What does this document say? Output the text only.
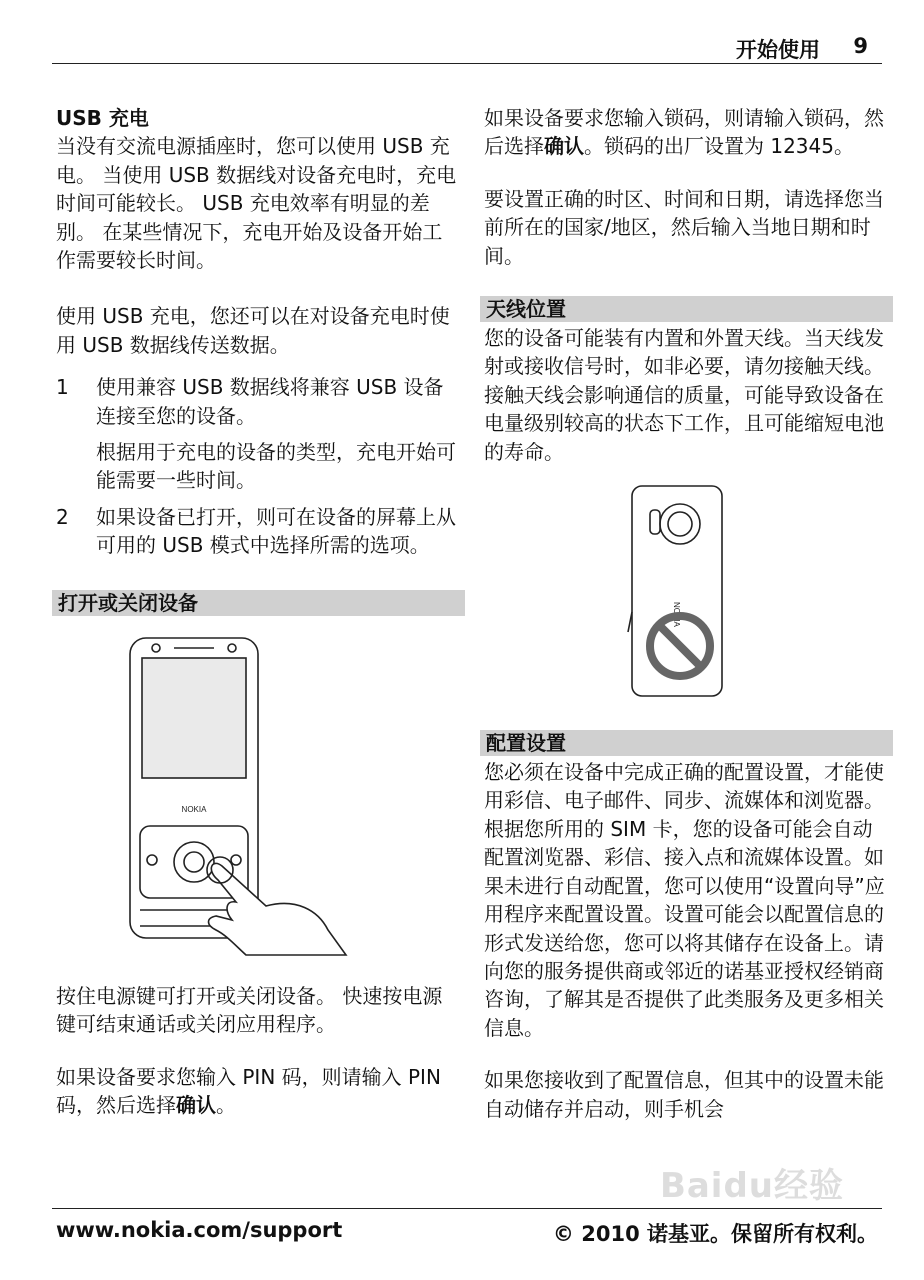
开始使用 9

USB 充电

当没有交流电源插座时，您可以使用 USB 充电。 当使用 USB 数据线对设备充电时，充电时间可能较长。 USB 充电效率有明显的差别。 在某些情况下，充电开始及设备开始工作需要较长时间。

使用 USB 充电，您还可以在对设备充电时使用 USB 数据线传送数据。

1	使用兼容 USB 数据线将兼容 USB 设备连接至您的设备。

根据用于充电的设备的类型，充电开始可能需要一些时间。

2	如果设备已打开，则可在设备的屏幕上从可用的 USB 模式中选择所需的选项。
打开或关闭设备
NOKIA

按住电源键可打开或关闭设备。 快速按电源键可结束通话或关闭应用程序。

如果设备要求您输入 PIN 码，则请输入 PIN 码，然后选择确认。

如果设备要求您输入锁码，则请输入锁码，然后选择确认。锁码的出厂设置为 12345。

要设置正确的时区、时间和日期，请选择您当前所在的国家/地区，然后输入当地日期和时间。

天线位置

您的设备可能装有内置和外置天线。当天线发射或接收信号时，如非必要，请勿接触天线。接触天线会影响通信的质量，可能导致设备在电量级别较高的状态下工作，且可能缩短电池的寿命。

NOKIA
配置设置

您必须在设备中完成正确的配置设置，才能使用彩信、电子邮件、同步、流媒体和浏览器。根据您所用的 SIM 卡，您的设备可能会自动配置浏览器、彩信、接入点和流媒体设置。如果未进行自动配置，您可以使用“设置向导”应用程序来配置设置。设置可能会以配置信息的形式发送给您，您可以将其储存在设备上。请向您的服务提供商或邻近的诺基亚授权经销商咨询，了解其是否提供了此类服务及更多相关信息。

如果您接收到了配置信息，但其中的设置未能自动储存并启动，则手机会

Baidu经验
www.nokia.com/support	© 2010 诺基亚。保留所有权利。
